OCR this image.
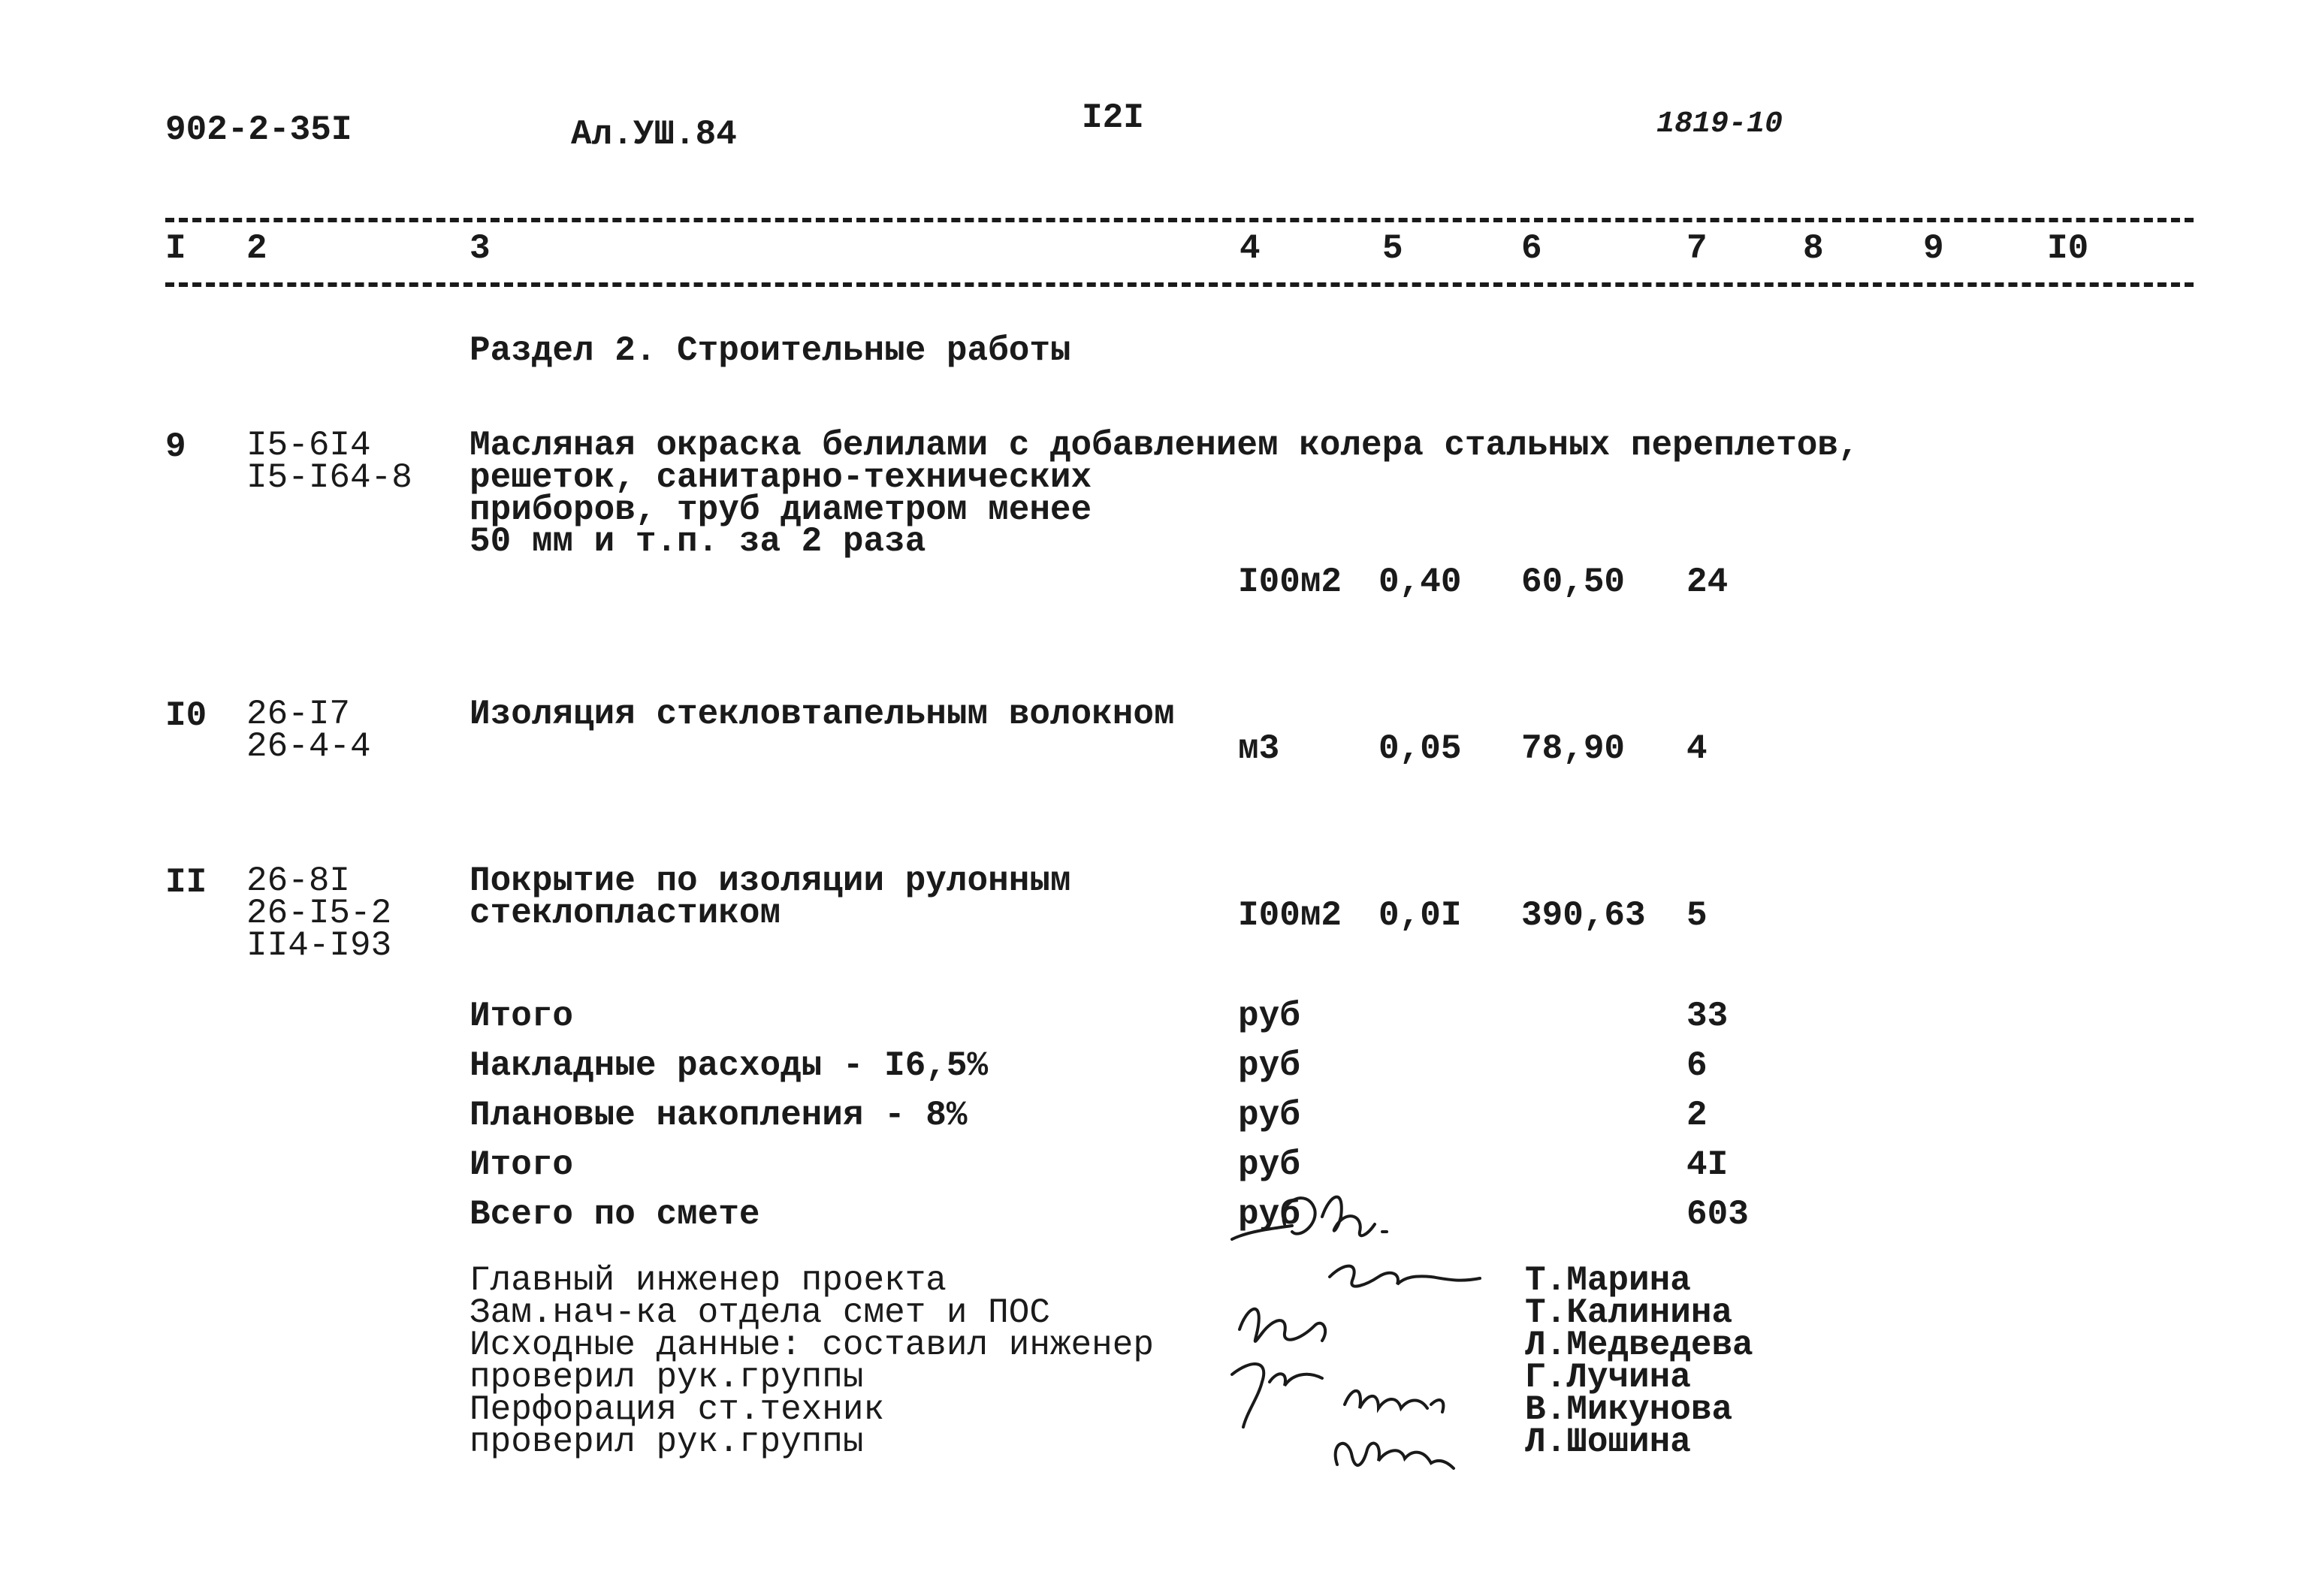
902-2-35I	Ал.УШ.84	I2I	1819-10
I 2	3	4	5	6	7	8	9	I0
Раздел 2. Строительные работы
9 I5-6I4
I5-I64-8
Масляная окраска белилами с добавлением колера стальных переплетов,
решеток, санитарно-технических
приборов, труб диаметром менее
50 мм и т.п. за 2 раза
I00м2 0,40 60,50 24
I0 26-I7
26-4-4
Изоляция стекловтапельным волокном
м3	0,05 78,90 4
II 26-8I
26-I5-2
II4-I93
Покрытие по изоляции рулонным
стеклопластиком	I00м2 0,0I 390,63 5
Итого	руб	33
Накладные расходы - I6,5%	руб	6
Плановые накопления - 8%	руб	2
Итого	руб	4I
Всего по смете	руб	603
Главный инженер проекта	Т.Марина
Зам.нач-ка отдела смет и ПОС	Т.Калинина
Исходные данные: составил инженер	Л.Медведева
проверил рук.группы	Г.Лучина
Перфорация ст.техник	В.Микунова
проверил рук.группы	Л.Шошина
